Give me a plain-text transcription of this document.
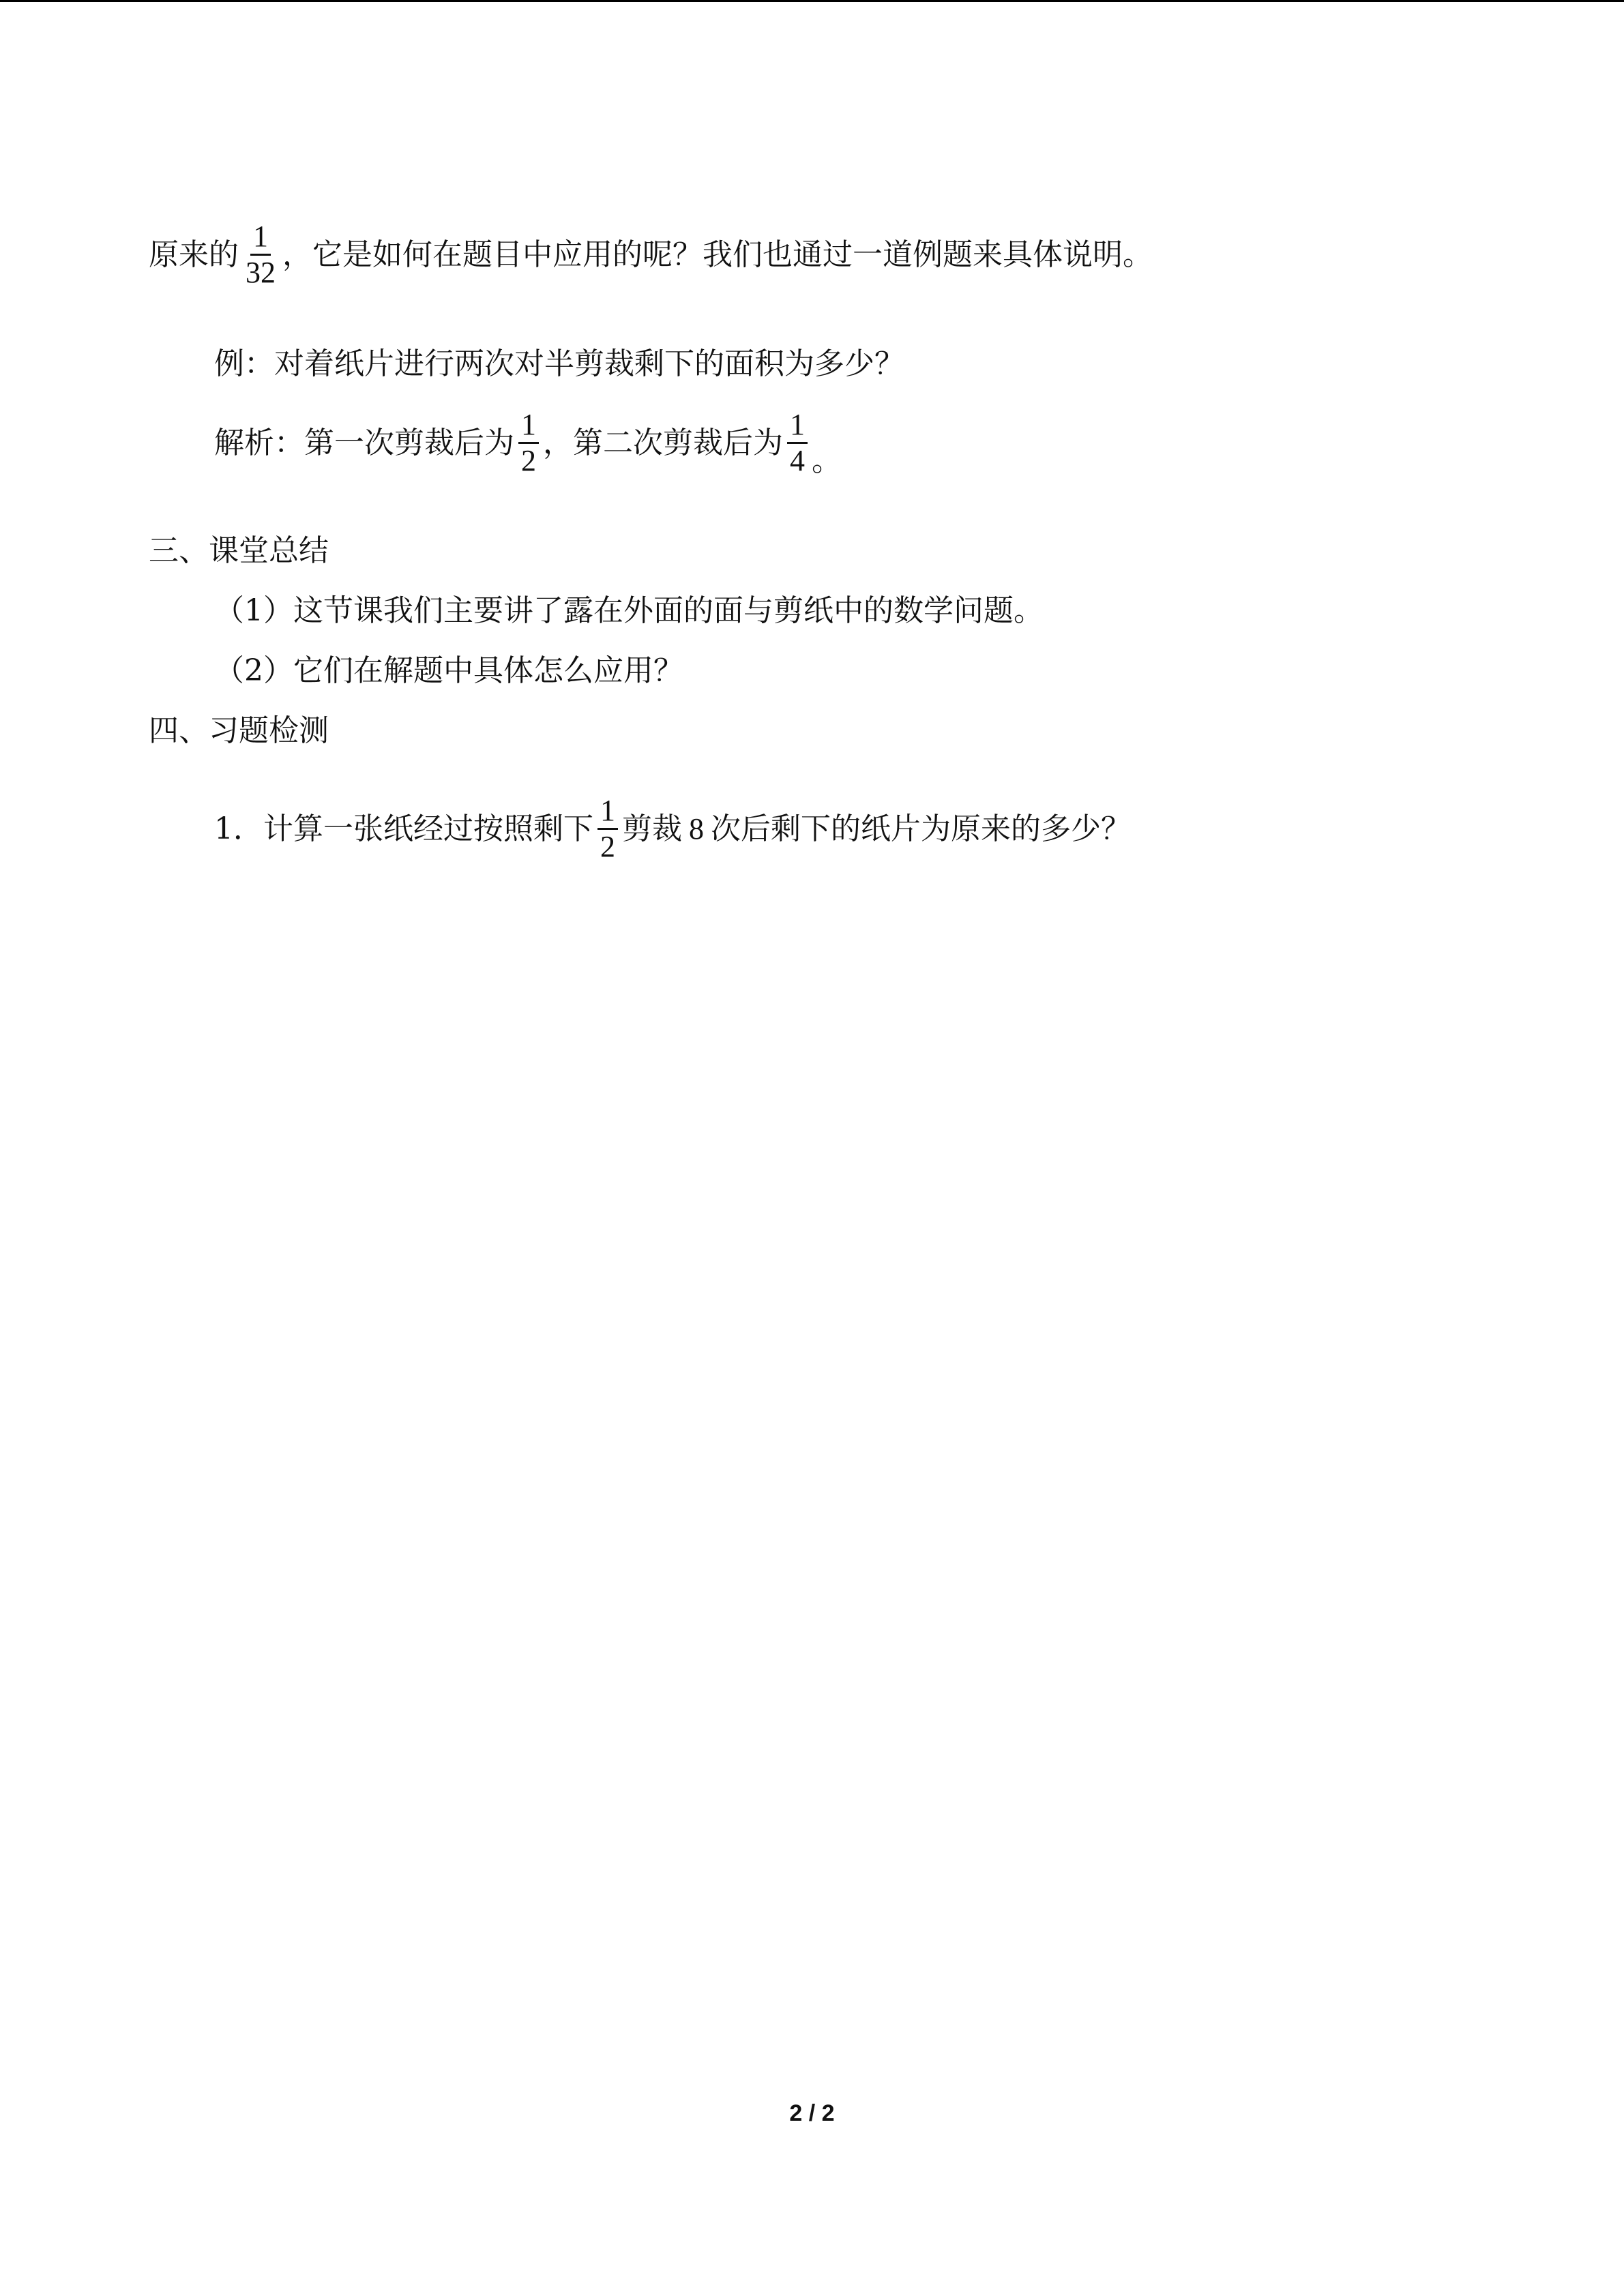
原来的 $\frac{1}{32}$ ，它是如何在题目中应用的呢？我们也通过一道例题来具体说明。
例：对着纸片进行两次对半剪裁剩下的面积为多少？
解析：第一次剪裁后为 $\frac{1}{2}$ ，第二次剪裁后为 $\frac{1}{4}$ 。
三、课堂总结
（1）这节课我们主要讲了露在外面的面与剪纸中的数学问题。
（2）它们在解题中具体怎么应用？
四、习题检测
1．计算一张纸经过按照剩下 $\frac{1}{2}$ 剪裁 8 次后剩下的纸片为原来的多少？
2 / 2
